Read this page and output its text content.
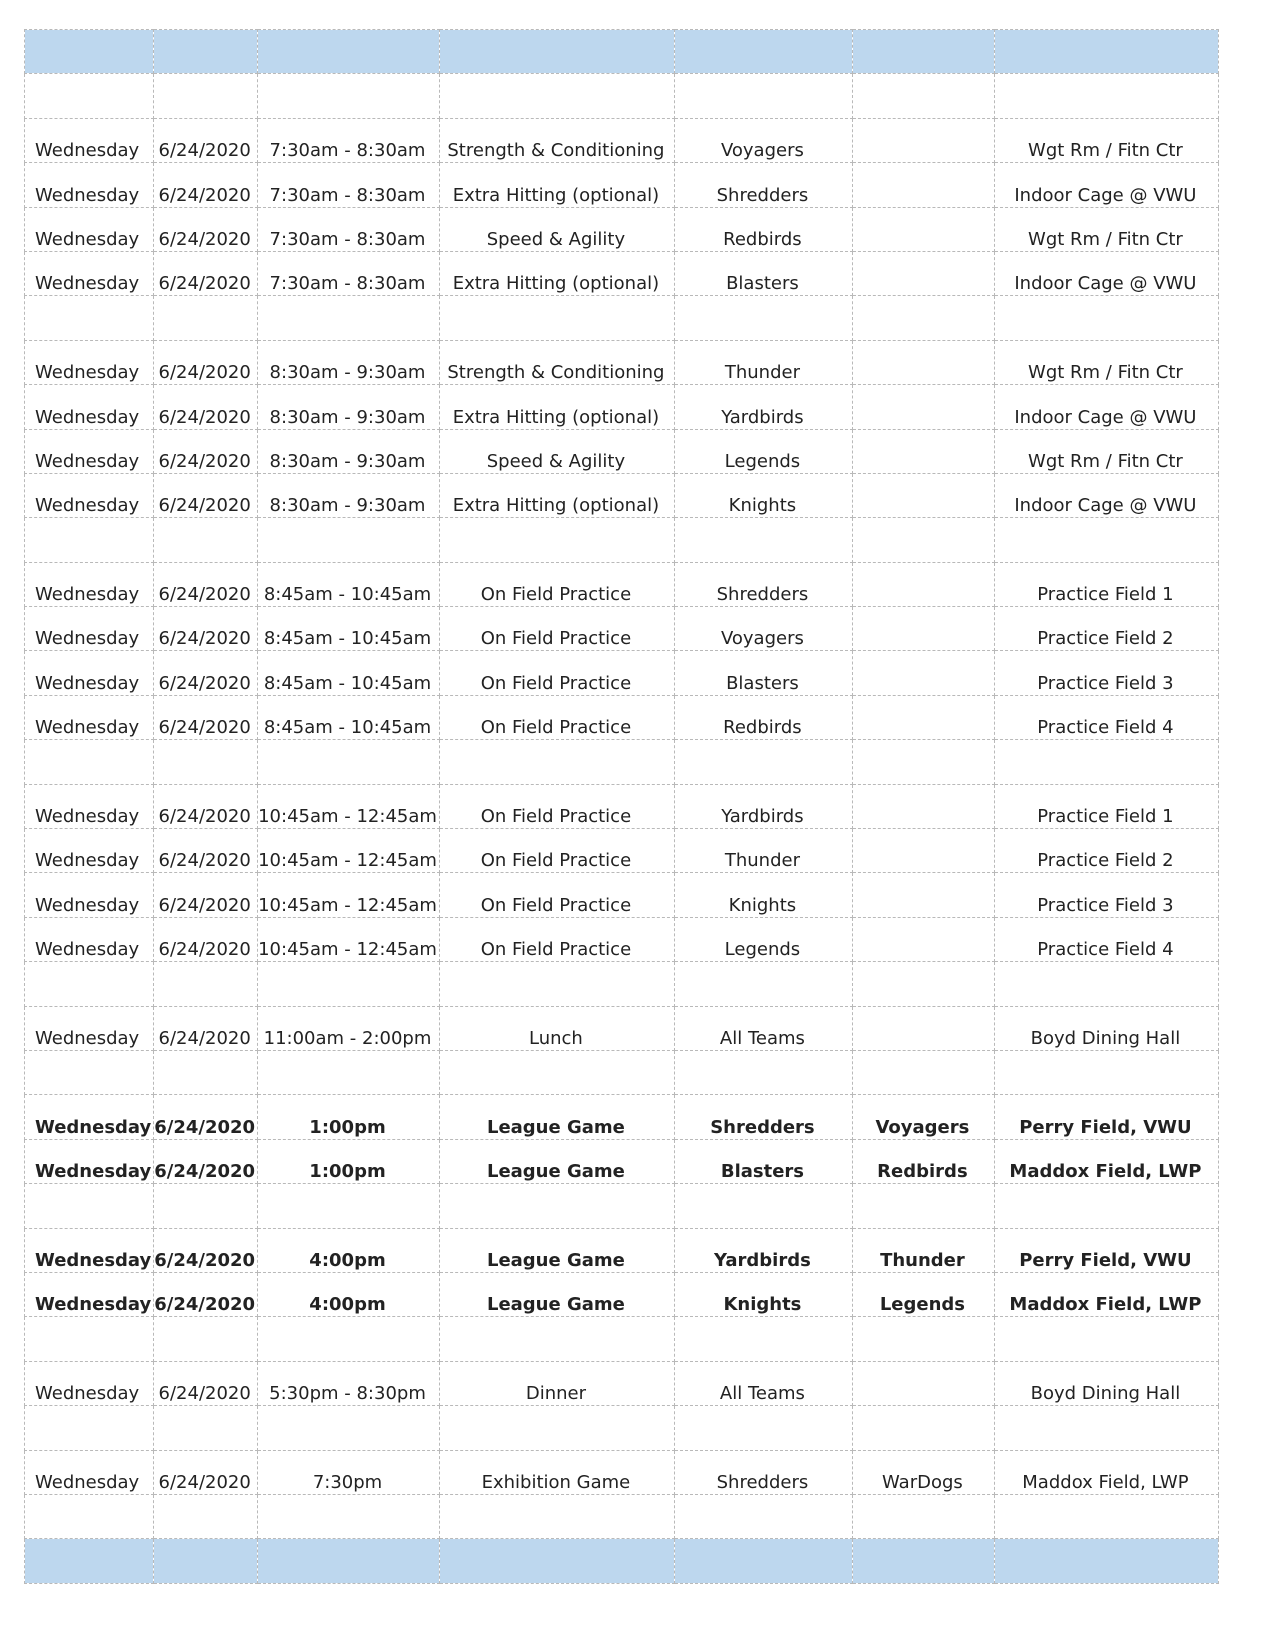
Wednesday	6/24/2020	7:30am - 8:30am	Strength & Conditioning	Voyagers		Wgt Rm / Fitn Ctr
Wednesday	6/24/2020	7:30am - 8:30am	Extra Hitting (optional)	Shredders		Indoor Cage @ VWU
Wednesday	6/24/2020	7:30am - 8:30am	Speed & Agility	Redbirds		Wgt Rm / Fitn Ctr
Wednesday	6/24/2020	7:30am - 8:30am	Extra Hitting (optional)	Blasters		Indoor Cage @ VWU

Wednesday	6/24/2020	8:30am - 9:30am	Strength & Conditioning	Thunder		Wgt Rm / Fitn Ctr
Wednesday	6/24/2020	8:30am - 9:30am	Extra Hitting (optional)	Yardbirds		Indoor Cage @ VWU
Wednesday	6/24/2020	8:30am - 9:30am	Speed & Agility	Legends		Wgt Rm / Fitn Ctr
Wednesday	6/24/2020	8:30am - 9:30am	Extra Hitting (optional)	Knights		Indoor Cage @ VWU

Wednesday	6/24/2020	8:45am - 10:45am	On Field Practice	Shredders		Practice Field 1
Wednesday	6/24/2020	8:45am - 10:45am	On Field Practice	Voyagers		Practice Field 2
Wednesday	6/24/2020	8:45am - 10:45am	On Field Practice	Blasters		Practice Field 3
Wednesday	6/24/2020	8:45am - 10:45am	On Field Practice	Redbirds		Practice Field 4

Wednesday	6/24/2020	10:45am - 12:45am	On Field Practice	Yardbirds		Practice Field 1
Wednesday	6/24/2020	10:45am - 12:45am	On Field Practice	Thunder		Practice Field 2
Wednesday	6/24/2020	10:45am - 12:45am	On Field Practice	Knights		Practice Field 3
Wednesday	6/24/2020	10:45am - 12:45am	On Field Practice	Legends		Practice Field 4

Wednesday	6/24/2020	11:00am - 2:00pm	Lunch	All Teams		Boyd Dining Hall

Wednesday	6/24/2020	1:00pm	League Game	Shredders	Voyagers	Perry Field, VWU
Wednesday	6/24/2020	1:00pm	League Game	Blasters	Redbirds	Maddox Field, LWP

Wednesday	6/24/2020	4:00pm	League Game	Yardbirds	Thunder	Perry Field, VWU
Wednesday	6/24/2020	4:00pm	League Game	Knights	Legends	Maddox Field, LWP

Wednesday	6/24/2020	5:30pm - 8:30pm	Dinner	All Teams		Boyd Dining Hall

Wednesday	6/24/2020	7:30pm	Exhibition Game	Shredders	WarDogs	Maddox Field, LWP
